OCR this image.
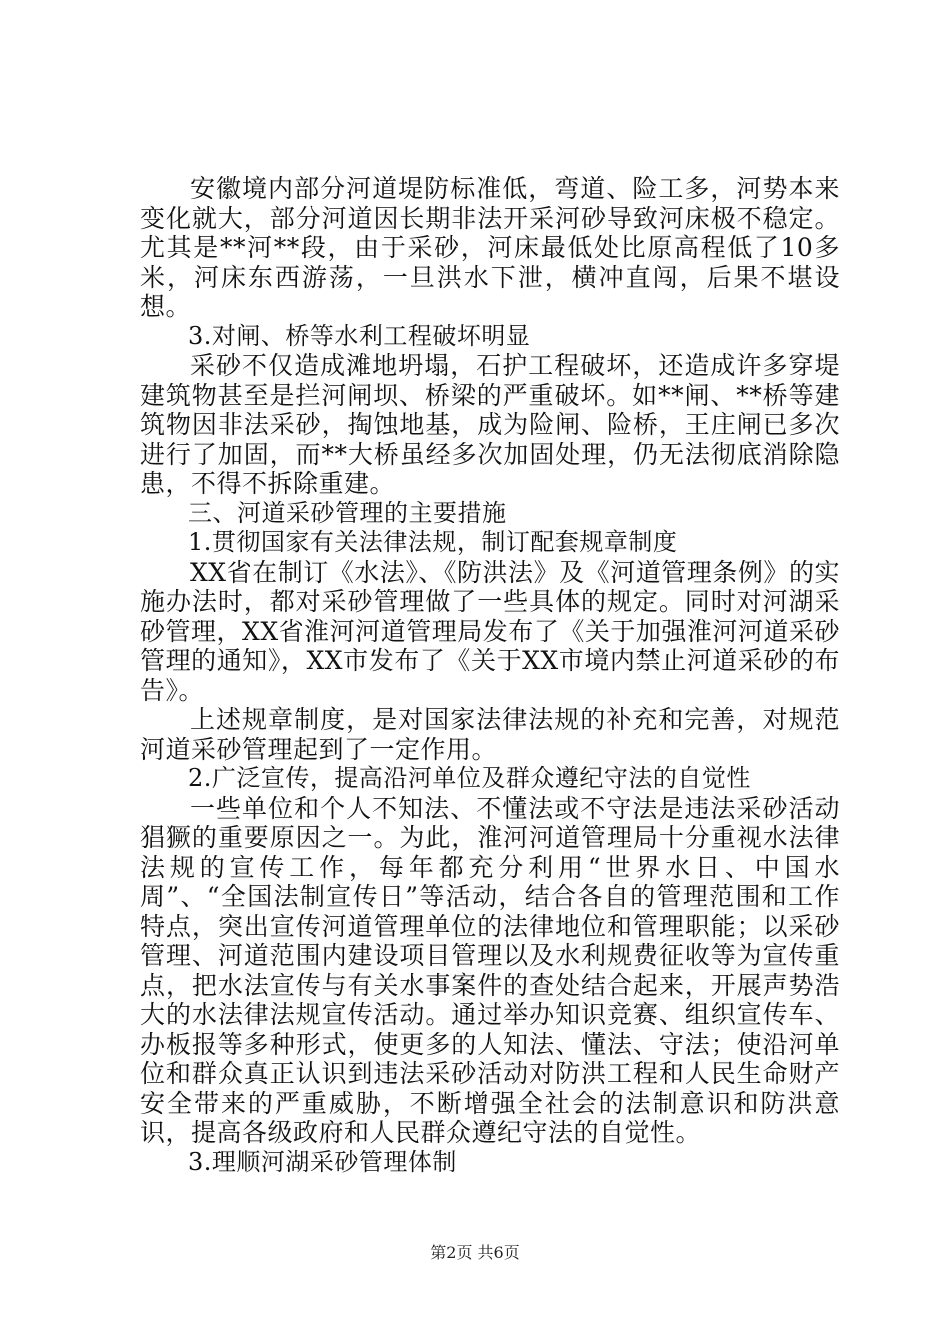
安徽境内部分河道堤防标准低，弯道、险工多，河势本来变化就大，部分河道因长期非法开采河砂导致河床极不稳定。尤其是**河**段，由于采砂，河床最低处比原高程低了10多米，河床东西游荡，一旦洪水下泄，横冲直闯，后果不堪设想。

3.对闸、桥等水利工程破坏明显

采砂不仅造成滩地坍塌，石护工程破坏，还造成许多穿堤建筑物甚至是拦河闸坝、桥梁的严重破坏。如**闸、**桥等建筑物因非法采砂，掏蚀地基，成为险闸、险桥，王庄闸已多次进行了加固，而**大桥虽经多次加固处理，仍无法彻底消除隐患，不得不拆除重建。

三、河道采砂管理的主要措施

1.贯彻国家有关法律法规，制订配套规章制度

XX省在制订《水法》、《防洪法》及《河道管理条例》的实施办法时，都对采砂管理做了一些具体的规定。同时对河湖采砂管理，XX省淮河河道管理局发布了《关于加强淮河河道采砂管理的通知》，XX市发布了《关于XX市境内禁止河道采砂的布告》。

上述规章制度，是对国家法律法规的补充和完善，对规范河道采砂管理起到了一定作用。

2.广泛宣传，提高沿河单位及群众遵纪守法的自觉性

一些单位和个人不知法、不懂法或不守法是违法采砂活动猖獗的重要原因之一。为此，淮河河道管理局十分重视水法律法规的宣传工作，每年都充分利用“世界水日、中国水周”、“全国法制宣传日”等活动，结合各自的管理范围和工作特点，突出宣传河道管理单位的法律地位和管理职能；以采砂管理、河道范围内建设项目管理以及水利规费征收等为宣传重点，把水法宣传与有关水事案件的查处结合起来，开展声势浩大的水法律法规宣传活动。通过举办知识竞赛、组织宣传车、办板报等多种形式，使更多的人知法、懂法、守法；使沿河单位和群众真正认识到违法采砂活动对防洪工程和人民生命财产安全带来的严重威胁，不断增强全社会的法制意识和防洪意识，提高各级政府和人民群众遵纪守法的自觉性。

3.理顺河湖采砂管理体制

第2页 共6页
